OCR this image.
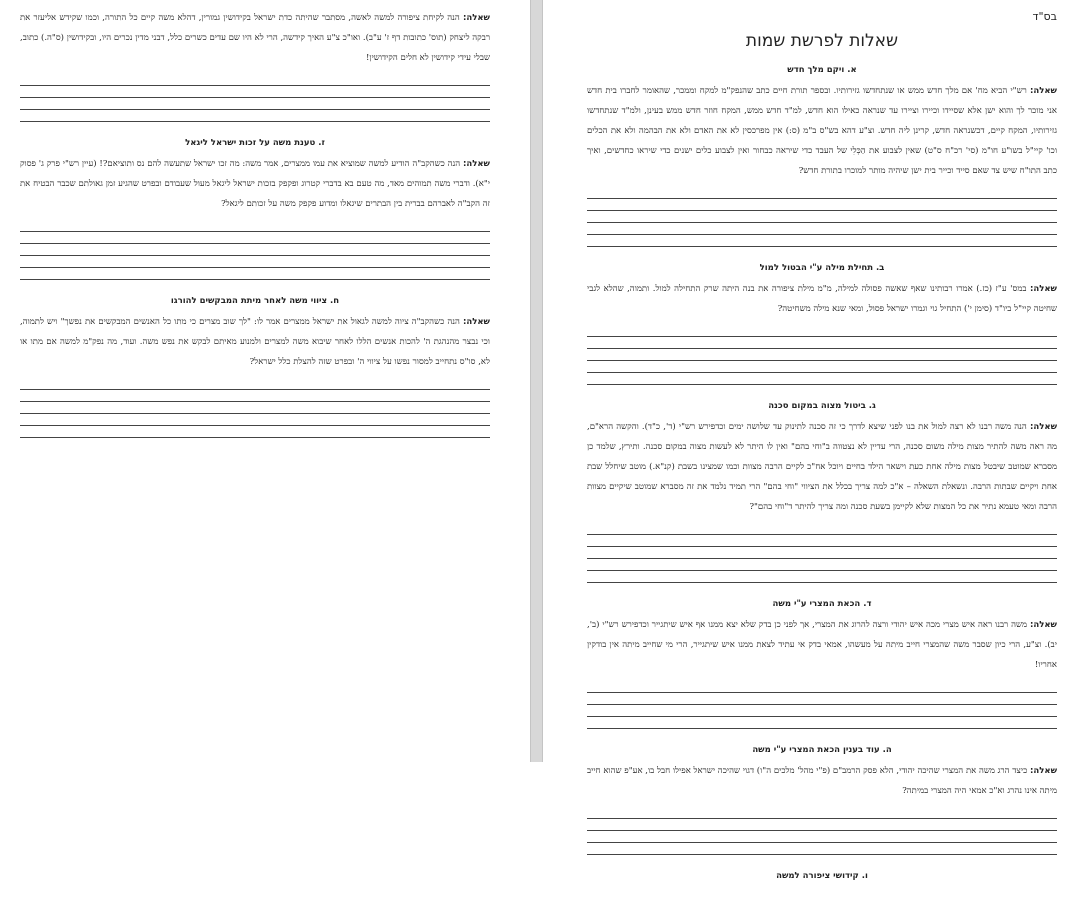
שאלה: הנה לקיחת ציפורה למשה לאשה, מסתבר שהיתה כדת ישראל בקידושין גמורין, דהלא משה קיים כל התורה, וכמו שקידש אליעזר את רבקה ליצחק (תוס' כתובות דף ז' ע"ב). ואו"כ צ"ע האיך קידשה, הרי לא היו שם עדים כשרים כלל, דבני מדין נכרים היו, ובקידושין (ס"ה.) כתוב, שבלי עידי קידושין לא חלים הקידושין!

ז. טענת משה על זכות ישראל ליגאל

שאלה: הנה כשהקב"ה הודיע למשה שמוציא את עמו ממצרים, אמר משה: מה זכו ישראל שתעשה להם נס ותוציאם?! (עיין רש"י פרק ג' פסוק י"א). ודברי משה תמוהים מאד, מה טעם בא בדברי קטרוג ופקפק בזכות ישראל ליגאל מעול שעבודם ובפרט שהגיע זמן גאולתם שכבר הבטיח את זה הקב"ה לאברהם בברית בין הבתרים שיגאלו ומדוע פקפק משה על זכותם ליגאל?

ח. ציווי משה לאחר מיתת המבקשים להורגו

שאלה: הנה כשהקב"ה ציוה למשה לגאול את ישראל ממצרים אמר לו: "לך שוב מצרים כי מתו כל האנשים המבקשים את נפשך" ויש לתמוה, וכי נבצר מהנהגת ה' להכות אנשים הללו לאחר שיבוא משה למצרים ולמנוע מאיתם לבקש את נפש משה. ועוד, מה נפק"מ למשה אם מתו או לא, סו"ס נתחייב למסור נפשו על ציווי ה' ובפרט שזה להצלת כלל ישראל?

בס"ד
שאלות לפרשת שמות
א. ויקם מלך חדש

שאלה: רש"י הביא מח' אם מלך חדש ממש או שנתחדשו גזירותיו. ובספר תורת חיים כתב שהנפק"מ למקח וממכר, שהאומר לחברו בית חדש אני מוכר לך והוא ישן אלא שסיידו וכיירו וציירו עד שנראה כאילו הוא חדש, למ"ד חדש ממש, המקח חוזר חדש ממש בעינן, ולמ"ד שנתחדשו גזירותיו, המקח קיים, דכשנראה חדש, קרינן ליה חדש. וצ"ע דהא בש"ס ב"מ (ס:) אין מפרכסין לא את האדם ולא את הבהמה ולא את הכלים וכו' קיי"ל בשו"ע חו"מ (סי' רכ"ח ס"ט) שאין לצבוע את הַכְּלִי של העבד כדי שיראה כבחור ואין לצבוע כלים ישנים כדי שיראו כחדשים, ואיך כתב התו"ח שיש צד שאם סייד וכייר בית ישן שיהיה מותר למוכרו בתורת חדש?

ב. תחילת מילה ע"י הבטול למול

שאלה: במס' ע"ז (כז.) אמרו רבותינו שאף שאשה פסולה למילה, מ"מ מילת ציפורה את בנה היתה שרק התחילה למול. ותמוה, שהלא לגבי שחיטה קיי"ל ביו"ד (סימן י') התחיל גוי וגמרו ישראל פסול, ומאי שנא מילה משחיטה?

ג. ביטול מצוה במקום סכנה

שאלה: הנה משה רבנו לא רצה למול את בנו לפני שיצא לדרך כי זה סכנה לתינוק עד שלושה ימים וכדפירש רש"י (ד', כ"ד). והקשה הרא"ם, מה ראה משה להתיר מצות מילה משום סכנה, הרי עדיין לא נצטווה ב"וחי בהם" ואין לו היתר לא לעשות מצוה במקום סכנה. ותירץ, שלמד כן מסברא שמוטב שיבטל מצות מילה אחת כעת וישאר הילד בחיים ויוכל אח"כ לקיים הרבה מצוות וכמו שמצינו בשבת (קנ"א.) מוטב שיחלל שבת אחת ויקיים שבתות הרבה. ונשאלת השאלה – א"כ למה צריך בכלל את הציווי "וחי בהם" הרי תמיד נלמד את זה מסברא שמוטב שיקיים מצוות הרבה ומאי טעמא נתיר את כל המצות שלא לקיימן בשעת סכנה ומה צריך להיתר ד"וחי בהם"?

ד. הכאת המצרי ע"י משה

שאלה: משה רבנו ראה איש מצרי מכה איש יהודי ורצה להרוג את המצרי, אך לפני כן בדק שלא יצא ממנו אף איש שיתגייר וכדפירש רש"י (ב', יב). וצ"ע, הרי כיון שסבר משה שהמצרי חייב מיתה על מעשהו, אמאי בדק אי עתיד לצאת ממנו איש שיתגייר, הרי מי שחייב מיתה אין בודקין אחריו!

ה. עוד בענין הכאת המצרי ע"י משה

שאלה: כיצד הרג משה את המצרי שהיכה יהודי, הלא פסק הרמב"ם (פ"י מהל' מלכים ה"ו) דגוי שהיכה ישראל אפילו חבל בו, אע"פ שהוא חייב מיתה אינו נהרג וא"כ אמאי היה המצרי במיתה?

ו. קידושי ציפורה למשה
